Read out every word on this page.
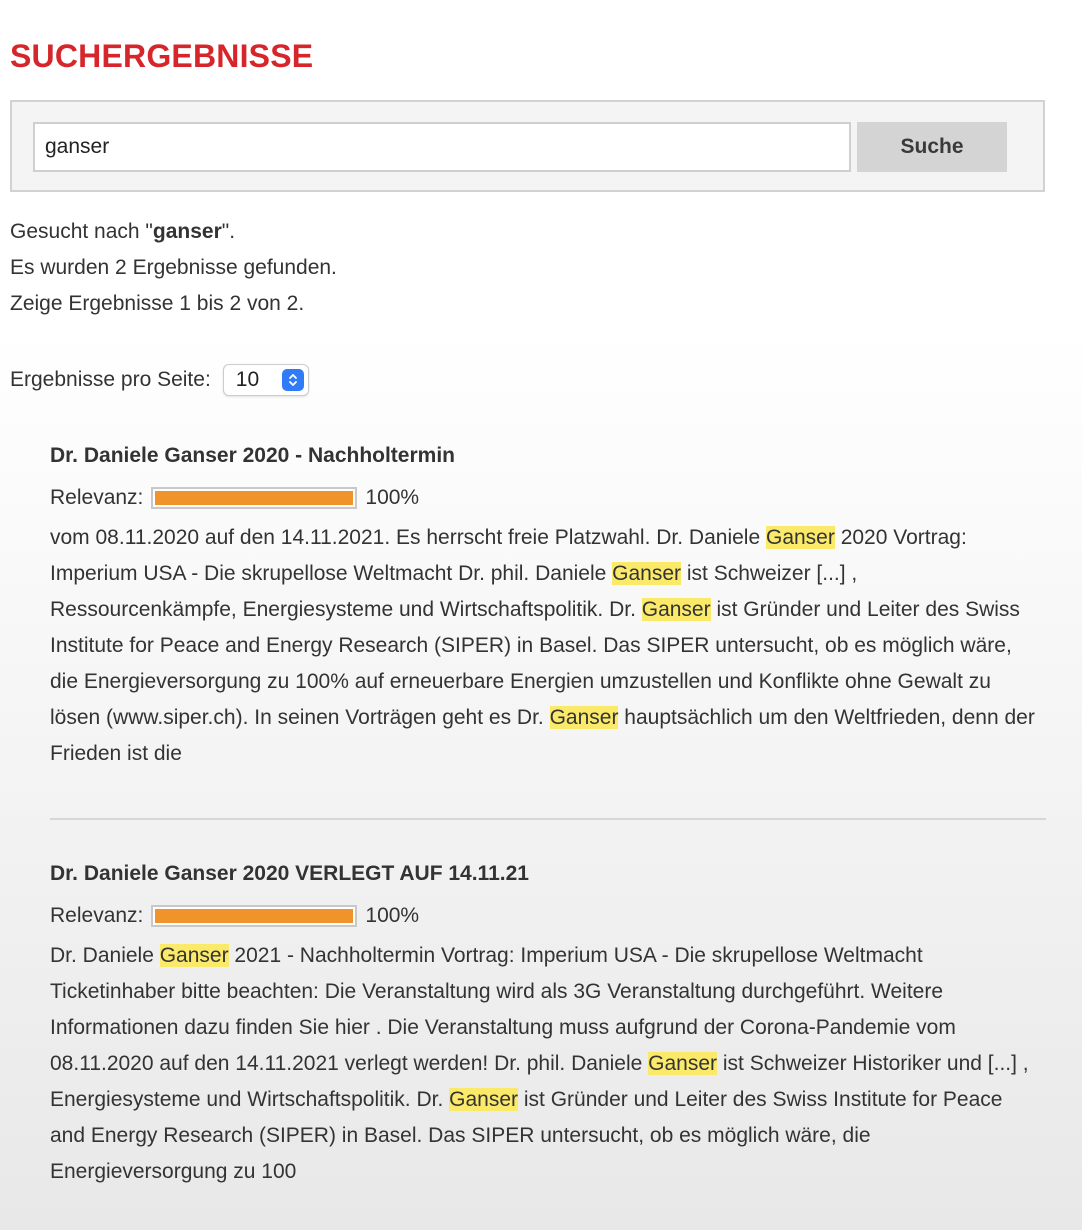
SUCHERGEBNISSE
ganser
Suche

Gesucht nach "ganser".

Es wurden 2 Ergebnisse gefunden.

Zeige Ergebnisse 1 bis 2 von 2.

Ergebnisse pro Seite: 10
Dr. Daniele Ganser 2020 - Nachholtermin
Relevanz:	100%

vom 08.11.2020 auf den 14.11.2021. Es herrscht freie Platzwahl. Dr. Daniele Ganser 2020 Vortrag: Imperium USA - Die skrupellose Weltmacht Dr. phil. Daniele Ganser ist Schweizer [...] , Ressourcenkämpfe, Energiesysteme und Wirtschaftspolitik. Dr. Ganser ist Gründer und Leiter des Swiss Institute for Peace and Energy Research (SIPER) in Basel. Das SIPER untersucht, ob es möglich wäre, die Energieversorgung zu 100% auf erneuerbare Energien umzustellen und Konflikte ohne Gewalt zu lösen (www.siper.ch). In seinen Vorträgen geht es Dr. Ganser hauptsächlich um den Weltfrieden, denn der Frieden ist die

Dr. Daniele Ganser 2020 VERLEGT AUF 14.11.21
Relevanz:	100%

Dr. Daniele Ganser 2021 - Nachholtermin Vortrag: Imperium USA - Die skrupellose Weltmacht Ticketinhaber bitte beachten: Die Veranstaltung wird als 3G Veranstaltung durchgeführt. Weitere Informationen dazu finden Sie hier . Die Veranstaltung muss aufgrund der Corona-Pandemie vom 08.11.2020 auf den 14.11.2021 verlegt werden! Dr. phil. Daniele Ganser ist Schweizer Historiker und [...] , Energiesysteme und Wirtschaftspolitik. Dr. Ganser ist Gründer und Leiter des Swiss Institute for Peace and Energy Research (SIPER) in Basel. Das SIPER untersucht, ob es möglich wäre, die Energieversorgung zu 100
